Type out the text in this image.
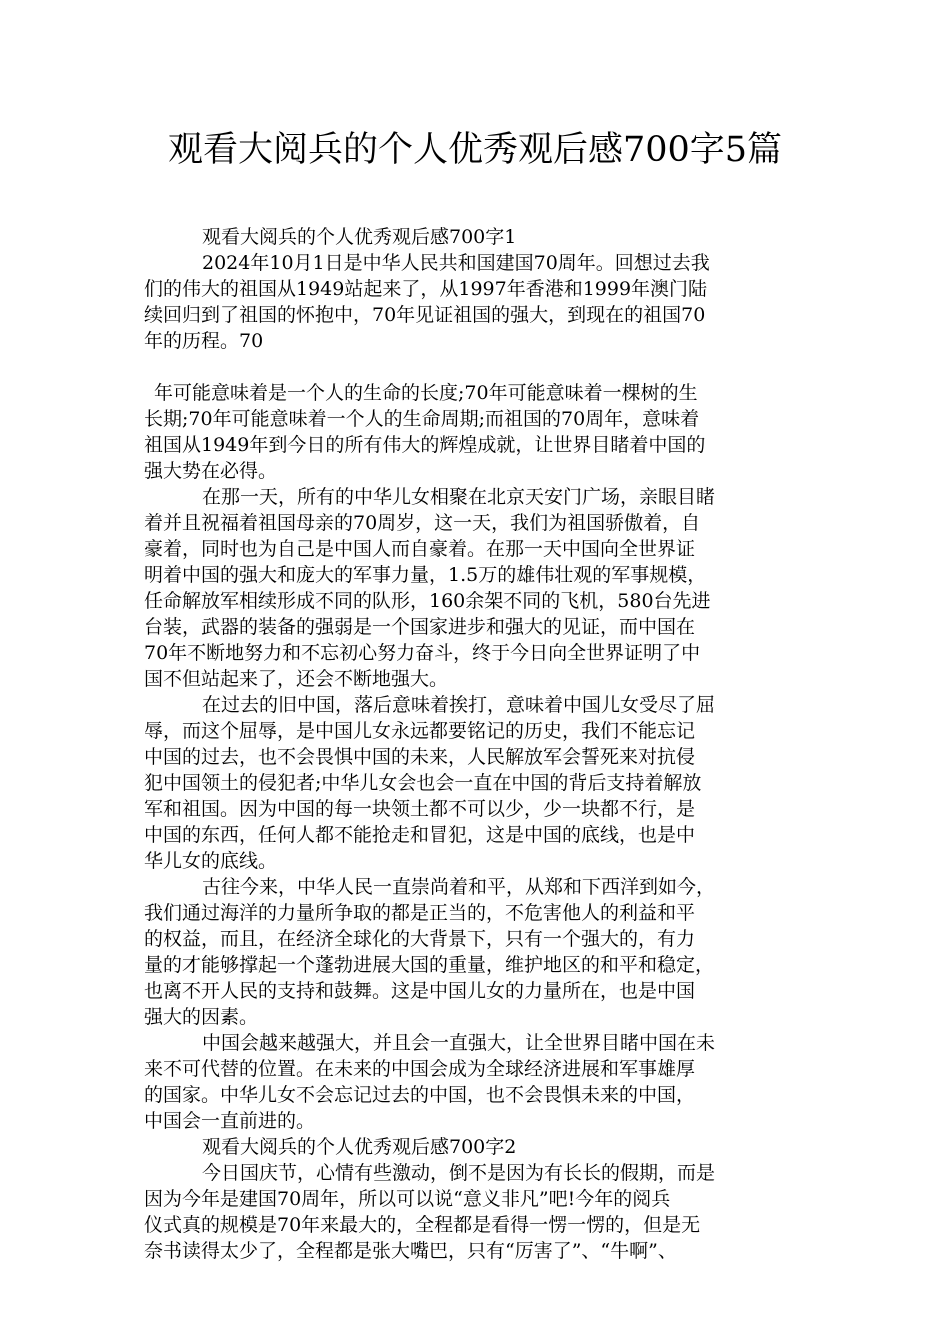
观看大阅兵的个人优秀观后感700字5篇
观看大阅兵的个人优秀观后感700字1
2024年10月1日是中华人民共和国建国70周年。回想过去我
们的伟大的祖国从1949站起来了，从1997年香港和1999年澳门陆
续回归到了祖国的怀抱中，70年见证祖国的强大，到现在的祖国70
年的历程。70
年可能意味着是一个人的生命的长度;70年可能意味着一棵树的生
长期;70年可能意味着一个人的生命周期;而祖国的70周年，意味着
祖国从1949年到今日的所有伟大的辉煌成就，让世界目睹着中国的
强大势在必得。
在那一天，所有的中华儿女相聚在北京天安门广场，亲眼目睹
着并且祝福着祖国母亲的70周岁，这一天，我们为祖国骄傲着，自
豪着，同时也为自己是中国人而自豪着。在那一天中国向全世界证
明着中国的强大和庞大的军事力量，1.5万的雄伟壮观的军事规模，
任命解放军相续形成不同的队形，160余架不同的飞机，580台先进
台装，武器的装备的强弱是一个国家进步和强大的见证，而中国在
70年不断地努力和不忘初心努力奋斗，终于今日向全世界证明了中
国不但站起来了，还会不断地强大。
在过去的旧中国，落后意味着挨打，意味着中国儿女受尽了屈
辱，而这个屈辱，是中国儿女永远都要铭记的历史，我们不能忘记
中国的过去，也不会畏惧中国的未来，人民解放军会誓死来对抗侵
犯中国领土的侵犯者;中华儿女会也会一直在中国的背后支持着解放
军和祖国。因为中国的每一块领土都不可以少，少一块都不行，是
中国的东西，任何人都不能抢走和冒犯，这是中国的底线，也是中
华儿女的底线。
古往今来，中华人民一直崇尚着和平，从郑和下西洋到如今，
我们通过海洋的力量所争取的都是正当的，不危害他人的利益和平
的权益，而且，在经济全球化的大背景下，只有一个强大的，有力
量的才能够撑起一个蓬勃进展大国的重量，维护地区的和平和稳定，
也离不开人民的支持和鼓舞。这是中国儿女的力量所在，也是中国
强大的因素。
中国会越来越强大，并且会一直强大，让全世界目睹中国在未
来不可代替的位置。在未来的中国会成为全球经济进展和军事雄厚
的国家。中华儿女不会忘记过去的中国，也不会畏惧未来的中国，
中国会一直前进的。
观看大阅兵的个人优秀观后感700字2
今日国庆节，心情有些激动，倒不是因为有长长的假期，而是
因为今年是建国70周年，所以可以说“意义非凡”吧!今年的阅兵
仪式真的规模是70年来最大的，全程都是看得一愣一愣的，但是无
奈书读得太少了，全程都是张大嘴巴，只有“厉害了”、“牛啊”、
